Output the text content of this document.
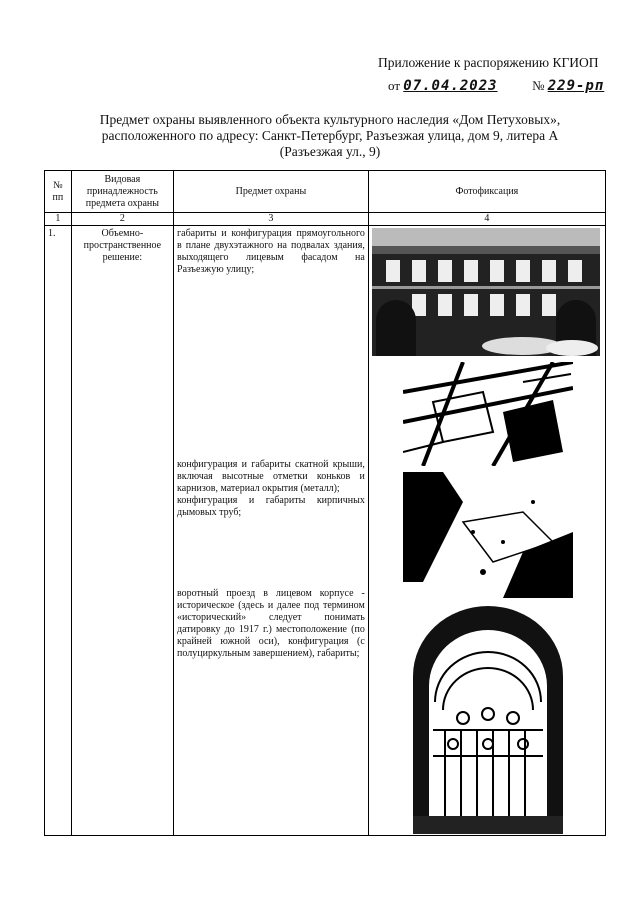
Приложение к распоряжению КГИОП
от 07.04.2023	№ 229-рп
Предмет охраны выявленного объекта культурного наследия «Дом Петуховых»,
расположенного по адресу: Санкт-Петербург, Разъезжая улица, дом 9, литера А
(Разъезжая ул., 9)
№ пп	Видовая принадлежность предмета охраны	Предмет охраны	Фотофиксация
1	2	3	4
1.	Объемно-пространственное решение:	габариты и конфигурация прямоугольного в плане двухэтажного на подвалах здания, выходящего лицевым фасадом на Разъезжую улицу;
конфигурация и габариты скатной крыши, включая высотные отметки коньков и карнизов, материал окрытия (металл);
конфигурация и габариты кирпичных дымовых труб;
воротный проезд в лицевом корпусе - историческое (здесь и далее под термином «исторический» следует понимать датировку до 1917 г.) местоположение (по крайней южной оси), конфигурация (с полуциркульным завершением), габариты;
